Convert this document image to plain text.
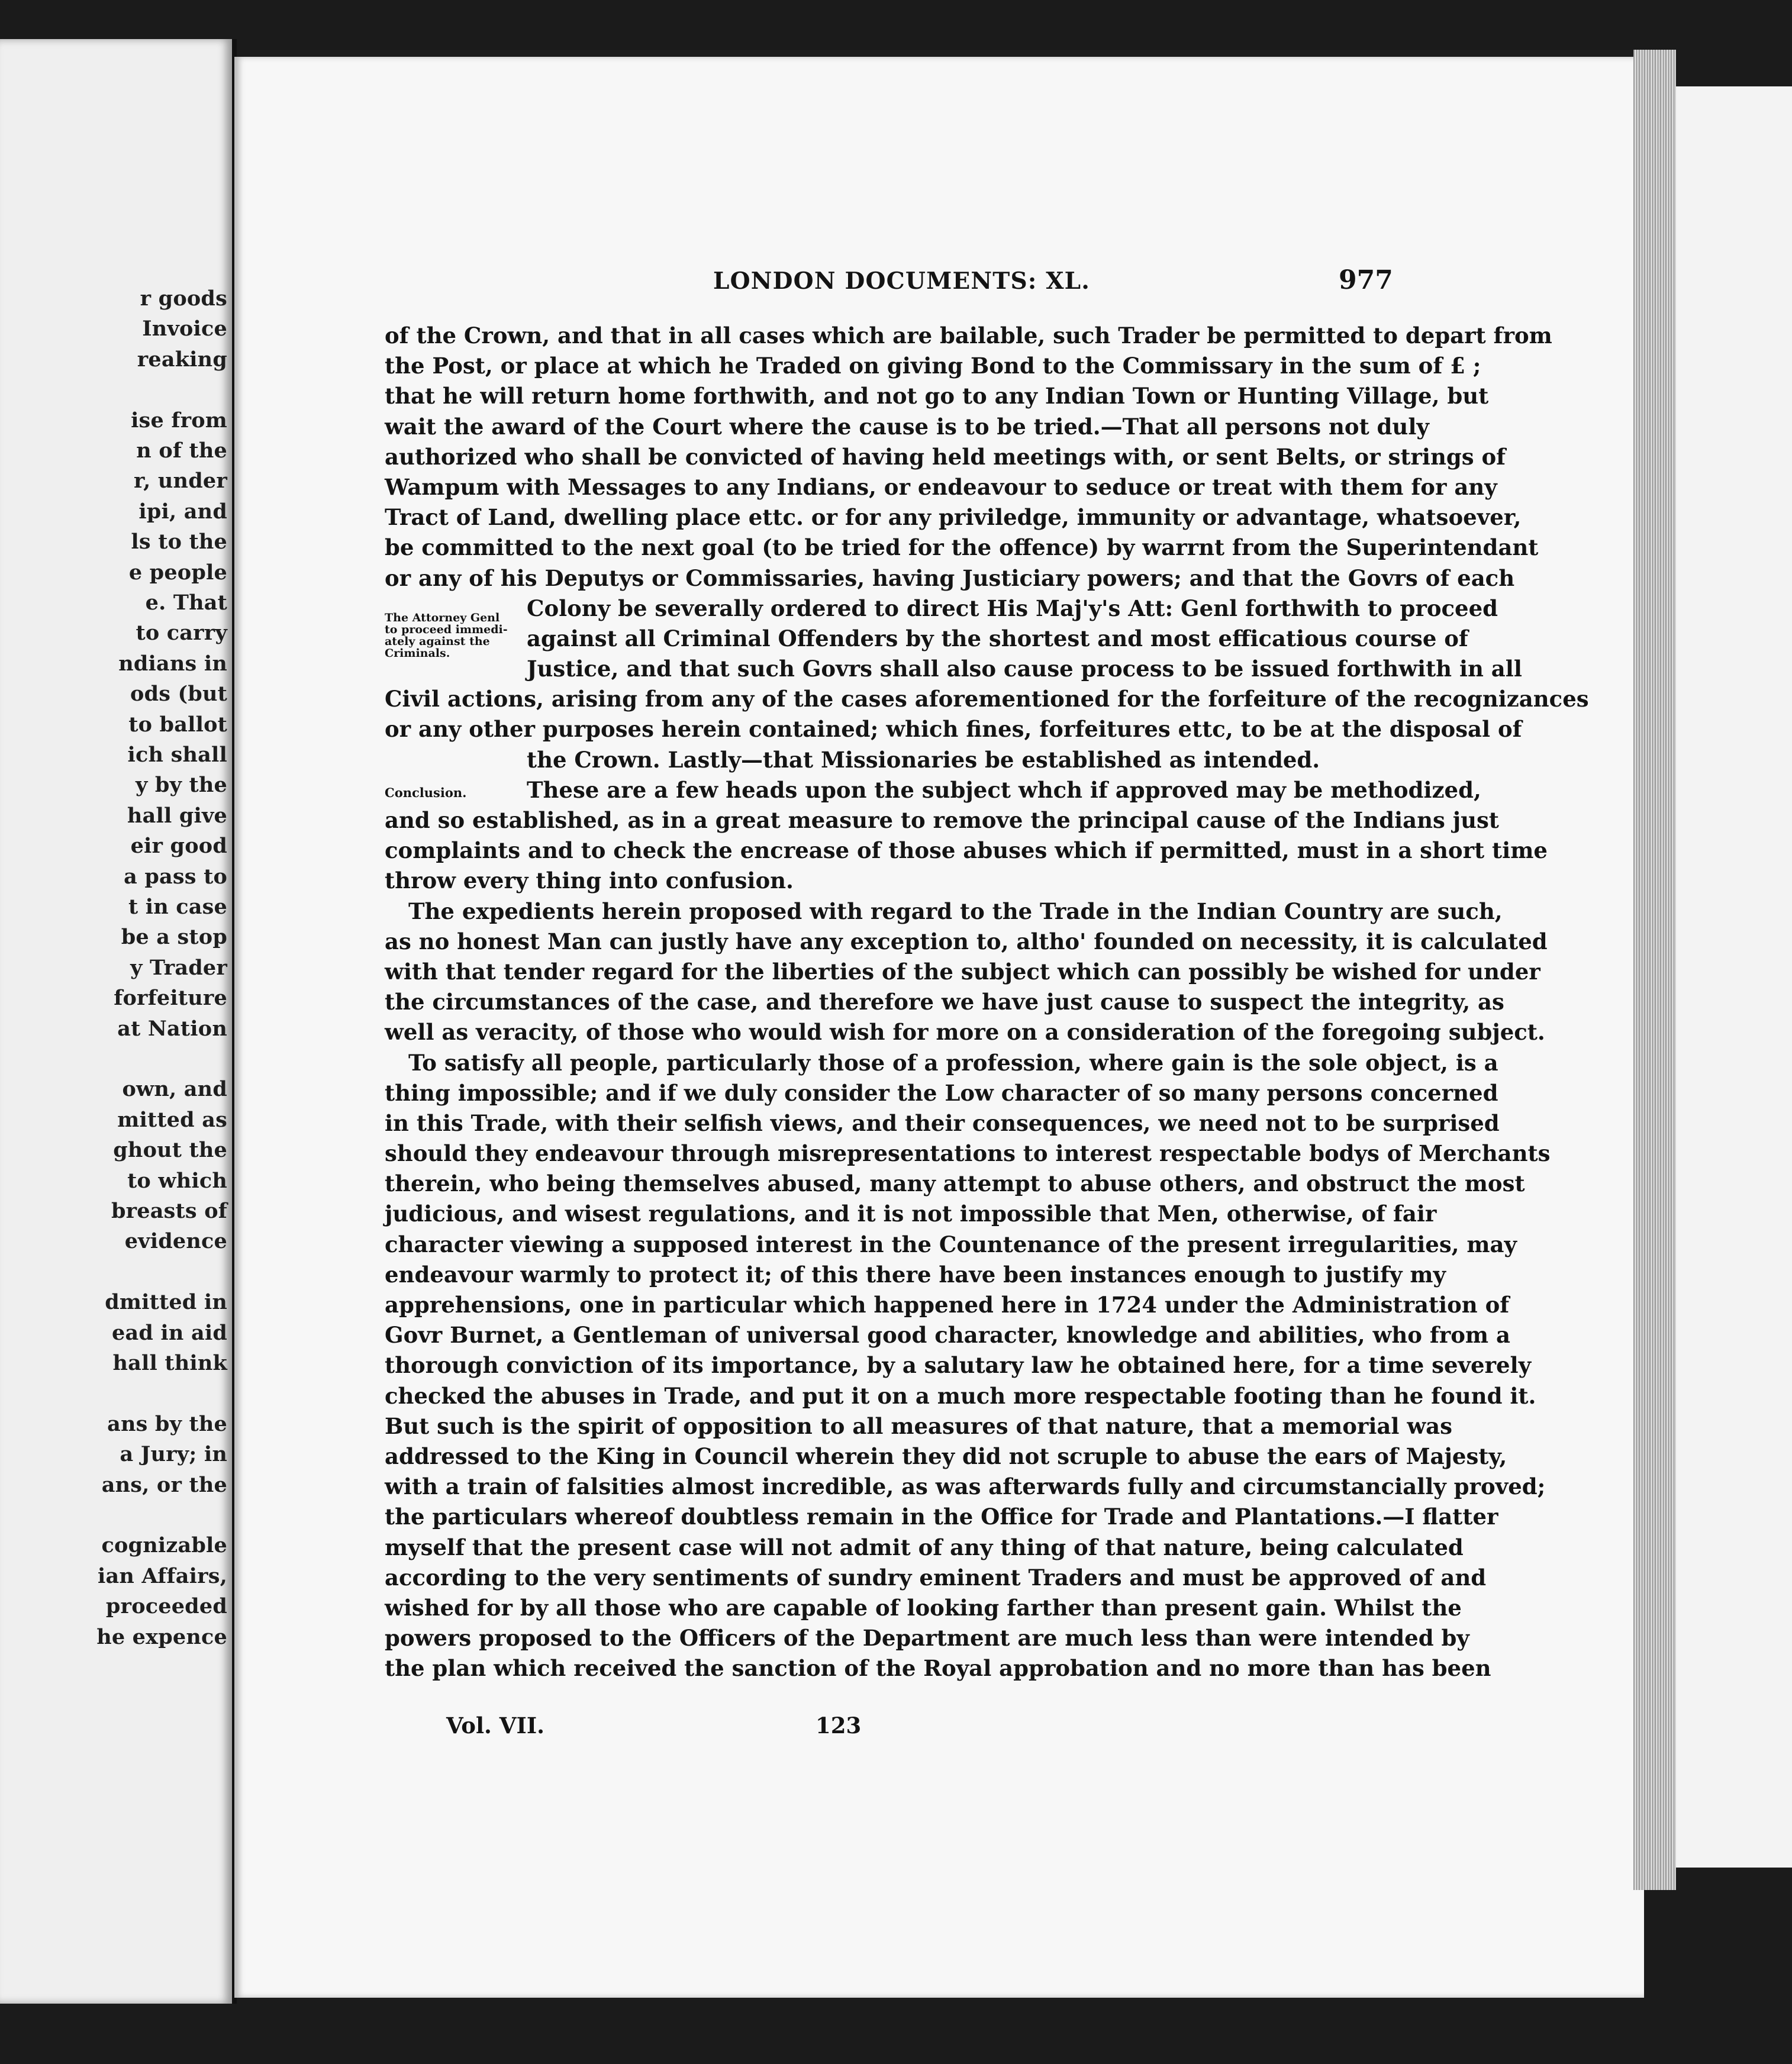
r goods
Invoice
reaking
ise from
n of the
r, under
ipi, and
ls to the
e people
e. That
to carry
ndians in
ods (but
to ballot
ich shall
y by the
hall give
eir good
a pass to
t in case
be a stop
y Trader
forfeiture
at Nation
own, and
mitted as
ghout the
to which
breasts of
evidence
dmitted in
ead in aid
hall think
ans by the
a Jury; in
ans, or the
cognizable
ian Affairs,
proceeded
he expence
LONDON DOCUMENTS: XL.	977
The Attorney Genl
to proceed immedi-
ately against the
Criminals.
Conclusion.
of the Crown, and that in all cases which are bailable, such Trader be permitted to depart from
the Post, or place at which he Traded on giving Bond to the Commissary in the sum of £ ;
that he will return home forthwith, and not go to any Indian Town or Hunting Village, but
wait the award of the Court where the cause is to be tried.—That all persons not duly
authorized who shall be convicted of having held meetings with, or sent Belts, or strings of
Wampum with Messages to any Indians, or endeavour to seduce or treat with them for any
Tract of Land, dwelling place ettc. or for any priviledge, immunity or advantage, whatsoever,
be committed to the next goal (to be tried for the offence) by warrnt from the Superintendant
or any of his Deputys or Commissaries, having Justiciary powers; and that the Govrs of each
Colony be severally ordered to direct His Maj'y's Att: Genl forthwith to proceed
against all Criminal Offenders by the shortest and most efficatious course of
Justice, and that such Govrs shall also cause process to be issued forthwith in all
Civil actions, arising from any of the cases aforementioned for the forfeiture of the recognizances
or any other purposes herein contained; which fines, forfeitures ettc, to be at the disposal of
the Crown. Lastly—that Missionaries be established as intended.
These are a few heads upon the subject whch if approved may be methodized,
and so established, as in a great measure to remove the principal cause of the Indians just
complaints and to check the encrease of those abuses which if permitted, must in a short time
throw every thing into confusion.
The expedients herein proposed with regard to the Trade in the Indian Country are such,
as no honest Man can justly have any exception to, altho' founded on necessity, it is calculated
with that tender regard for the liberties of the subject which can possibly be wished for under
the circumstances of the case, and therefore we have just cause to suspect the integrity, as
well as veracity, of those who would wish for more on a consideration of the foregoing subject.
To satisfy all people, particularly those of a profession, where gain is the sole object, is a
thing impossible; and if we duly consider the Low character of so many persons concerned
in this Trade, with their selfish views, and their consequences, we need not to be surprised
should they endeavour through misrepresentations to interest respectable bodys of Merchants
therein, who being themselves abused, many attempt to abuse others, and obstruct the most
judicious, and wisest regulations, and it is not impossible that Men, otherwise, of fair
character viewing a supposed interest in the Countenance of the present irregularities, may
endeavour warmly to protect it; of this there have been instances enough to justify my
apprehensions, one in particular which happened here in 1724 under the Administration of
Govr Burnet, a Gentleman of universal good character, knowledge and abilities, who from a
thorough conviction of its importance, by a salutary law he obtained here, for a time severely
checked the abuses in Trade, and put it on a much more respectable footing than he found it.
But such is the spirit of opposition to all measures of that nature, that a memorial was
addressed to the King in Council wherein they did not scruple to abuse the ears of Majesty,
with a train of falsities almost incredible, as was afterwards fully and circumstancially proved;
the particulars whereof doubtless remain in the Office for Trade and Plantations.—I flatter
myself that the present case will not admit of any thing of that nature, being calculated
according to the very sentiments of sundry eminent Traders and must be approved of and
wished for by all those who are capable of looking farther than present gain. Whilst the
powers proposed to the Officers of the Department are much less than were intended by
the plan which received the sanction of the Royal approbation and no more than has been
Vol. VII.	123
